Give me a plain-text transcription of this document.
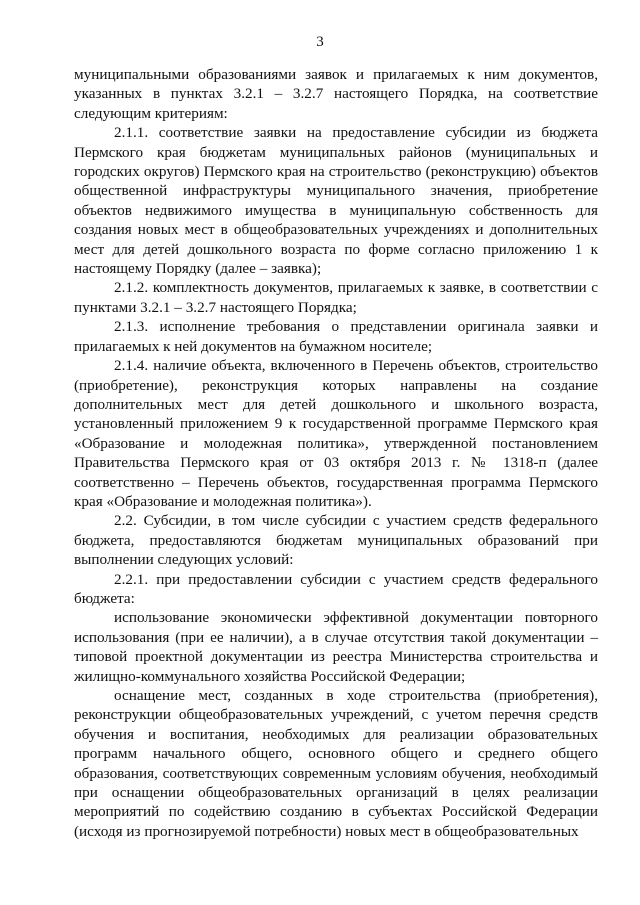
3

муниципальными образованиями заявок и прилагаемых к ним документов, указанных в пунктах 3.2.1 – 3.2.7 настоящего Порядка, на соответствие следующим критериям:

2.1.1. соответствие заявки на предоставление субсидии из бюджета Пермского края бюджетам муниципальных районов (муниципальных и городских округов) Пермского края на строительство (реконструкцию) объектов общественной инфраструктуры муниципального значения, приобретение объектов недвижимого имущества в муниципальную собственность для создания новых мест в общеобразовательных учреждениях и дополнительных мест для детей дошкольного возраста по форме согласно приложению 1 к настоящему Порядку (далее – заявка);

2.1.2. комплектность документов, прилагаемых к заявке, в соответствии с пунктами 3.2.1 – 3.2.7 настоящего Порядка;

2.1.3. исполнение требования о представлении оригинала заявки и прилагаемых к ней документов на бумажном носителе;

2.1.4. наличие объекта, включенного в Перечень объектов, строительство (приобретение), реконструкция которых направлены на создание дополнительных мест для детей дошкольного и школьного возраста, установленный приложением 9 к государственной программе Пермского края «Образование и молодежная политика», утвержденной постановлением Правительства Пермского края от 03 октября 2013 г. № 1318-п (далее соответственно – Перечень объектов, государственная программа Пермского края «Образование и молодежная политика»).

2.2. Субсидии, в том числе субсидии с участием средств федерального бюджета, предоставляются бюджетам муниципальных образований при выполнении следующих условий:

2.2.1. при предоставлении субсидии с участием средств федерального бюджета:

использование экономически эффективной документации повторного использования (при ее наличии), а в случае отсутствия такой документации – типовой проектной документации из реестра Министерства строительства и жилищно-коммунального хозяйства Российской Федерации;

оснащение мест, созданных в ходе строительства (приобретения), реконструкции общеобразовательных учреждений, с учетом перечня средств обучения и воспитания, необходимых для реализации образовательных программ начального общего, основного общего и среднего общего образования, соответствующих современным условиям обучения, необходимый при оснащении общеобразовательных организаций в целях реализации мероприятий по содействию созданию в субъектах Российской Федерации (исходя из прогнозируемой потребности) новых мест в общеобразовательных
